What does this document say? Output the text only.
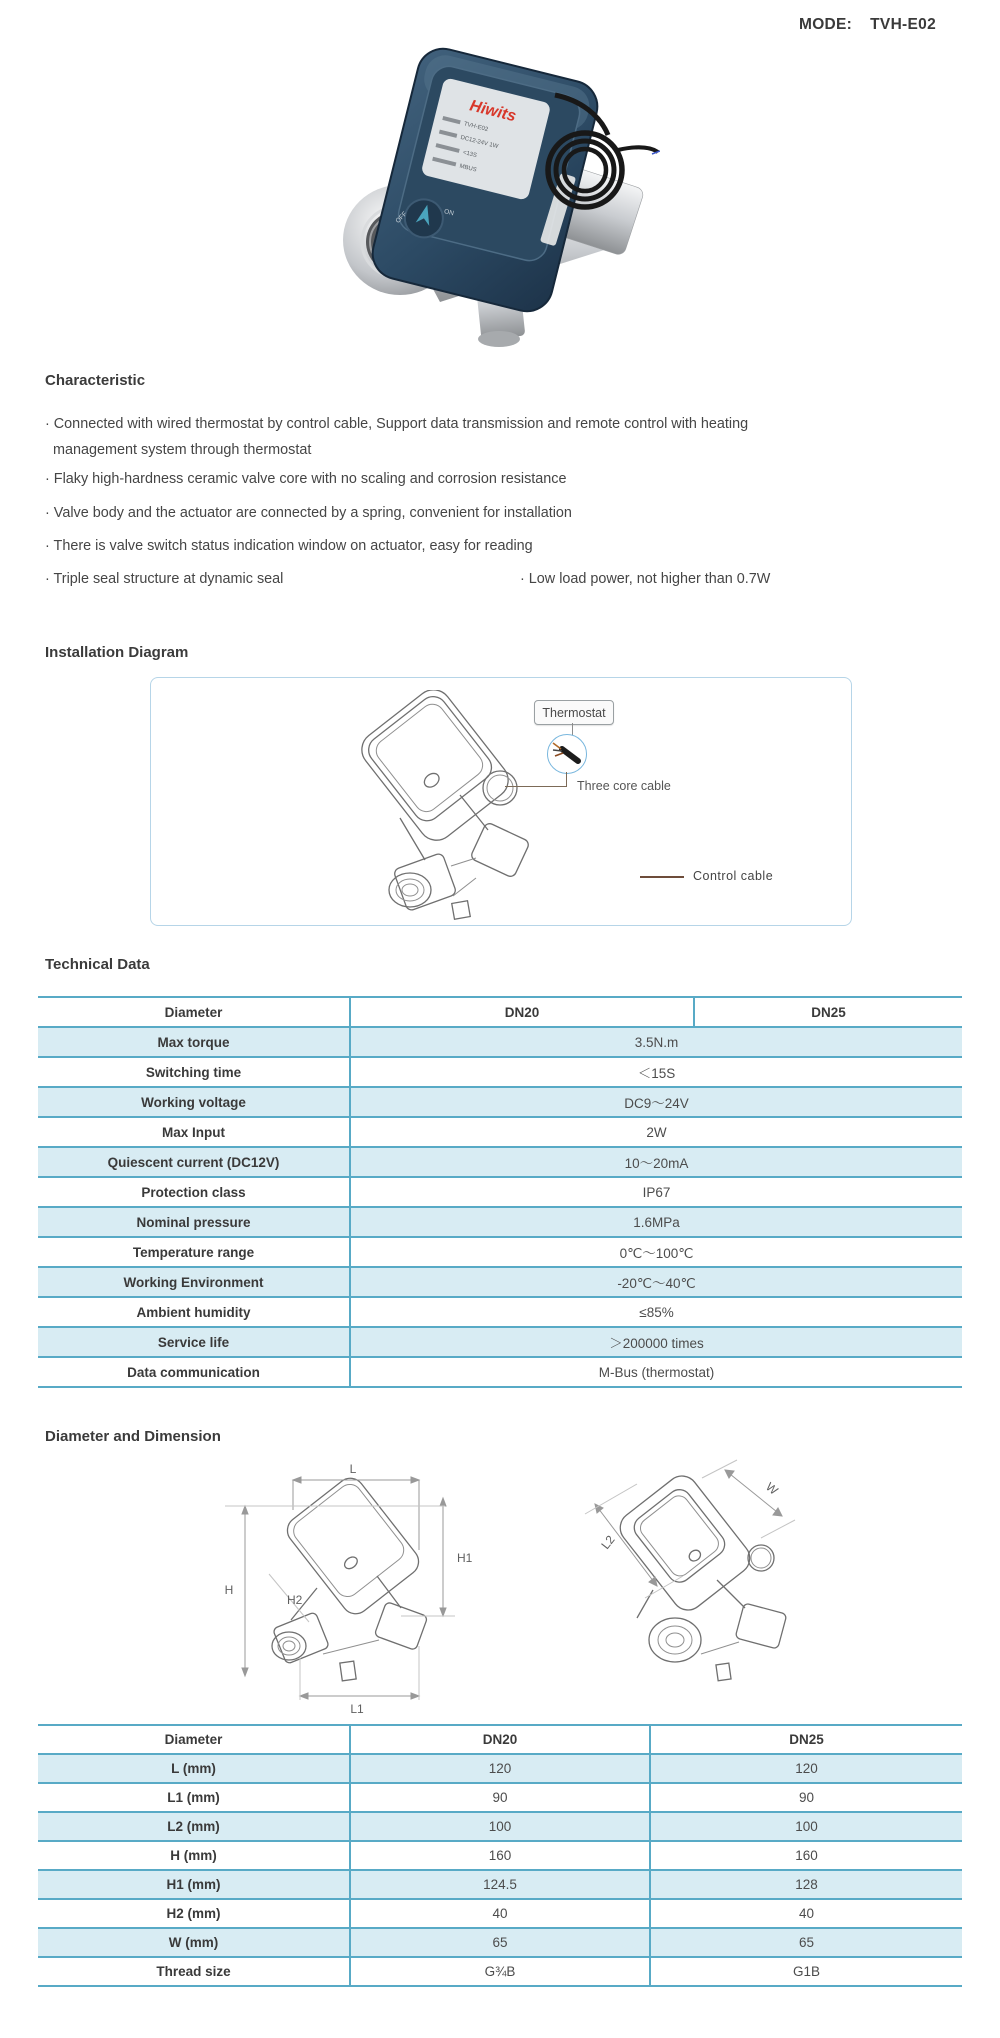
MODE: TVH-E02
Hiwits
TVH-E02
DC12-24V 1W
<13S
MBUS
ON
OFF
Characteristic
· Connected with wired thermostat by control cable, Support data transmission and remote control with heating
management system through thermostat
· Flaky high-hardness ceramic valve core with no scaling and corrosion resistance
· Valve body and the actuator are connected by a spring, convenient for installation
· There is valve switch status indication window on actuator, easy for reading
· Triple seal structure at dynamic seal	· Low load power, not higher than 0.7W
Installation Diagram
Thermostat
Three core cable
Control cable
Technical Data
Diameter	DN20	DN25
Max torque	3.5N.m	
Switching time	＜15S	
Working voltage	DC9～24V	
Max Input	2W	
Quiescent current (DC12V)	10～20mA	
Protection class	IP67	
Nominal pressure	1.6MPa	
Temperature range	0℃～100℃	
Working Environment	-20℃～40℃	
Ambient humidity	≤85%	
Service life	＞200000 times	
Data communication	M-Bus (thermostat)	
Diameter and Dimension
L
H
H1
H2
L1
W
L2
Diameter	DN20	DN25
L (mm)	120	120
L1 (mm)	90	90
L2 (mm)	100	100
H (mm)	160	160
H1 (mm)	124.5	128
H2 (mm)	40	40
W (mm)	65	65
Thread size	G¾B	G1B
